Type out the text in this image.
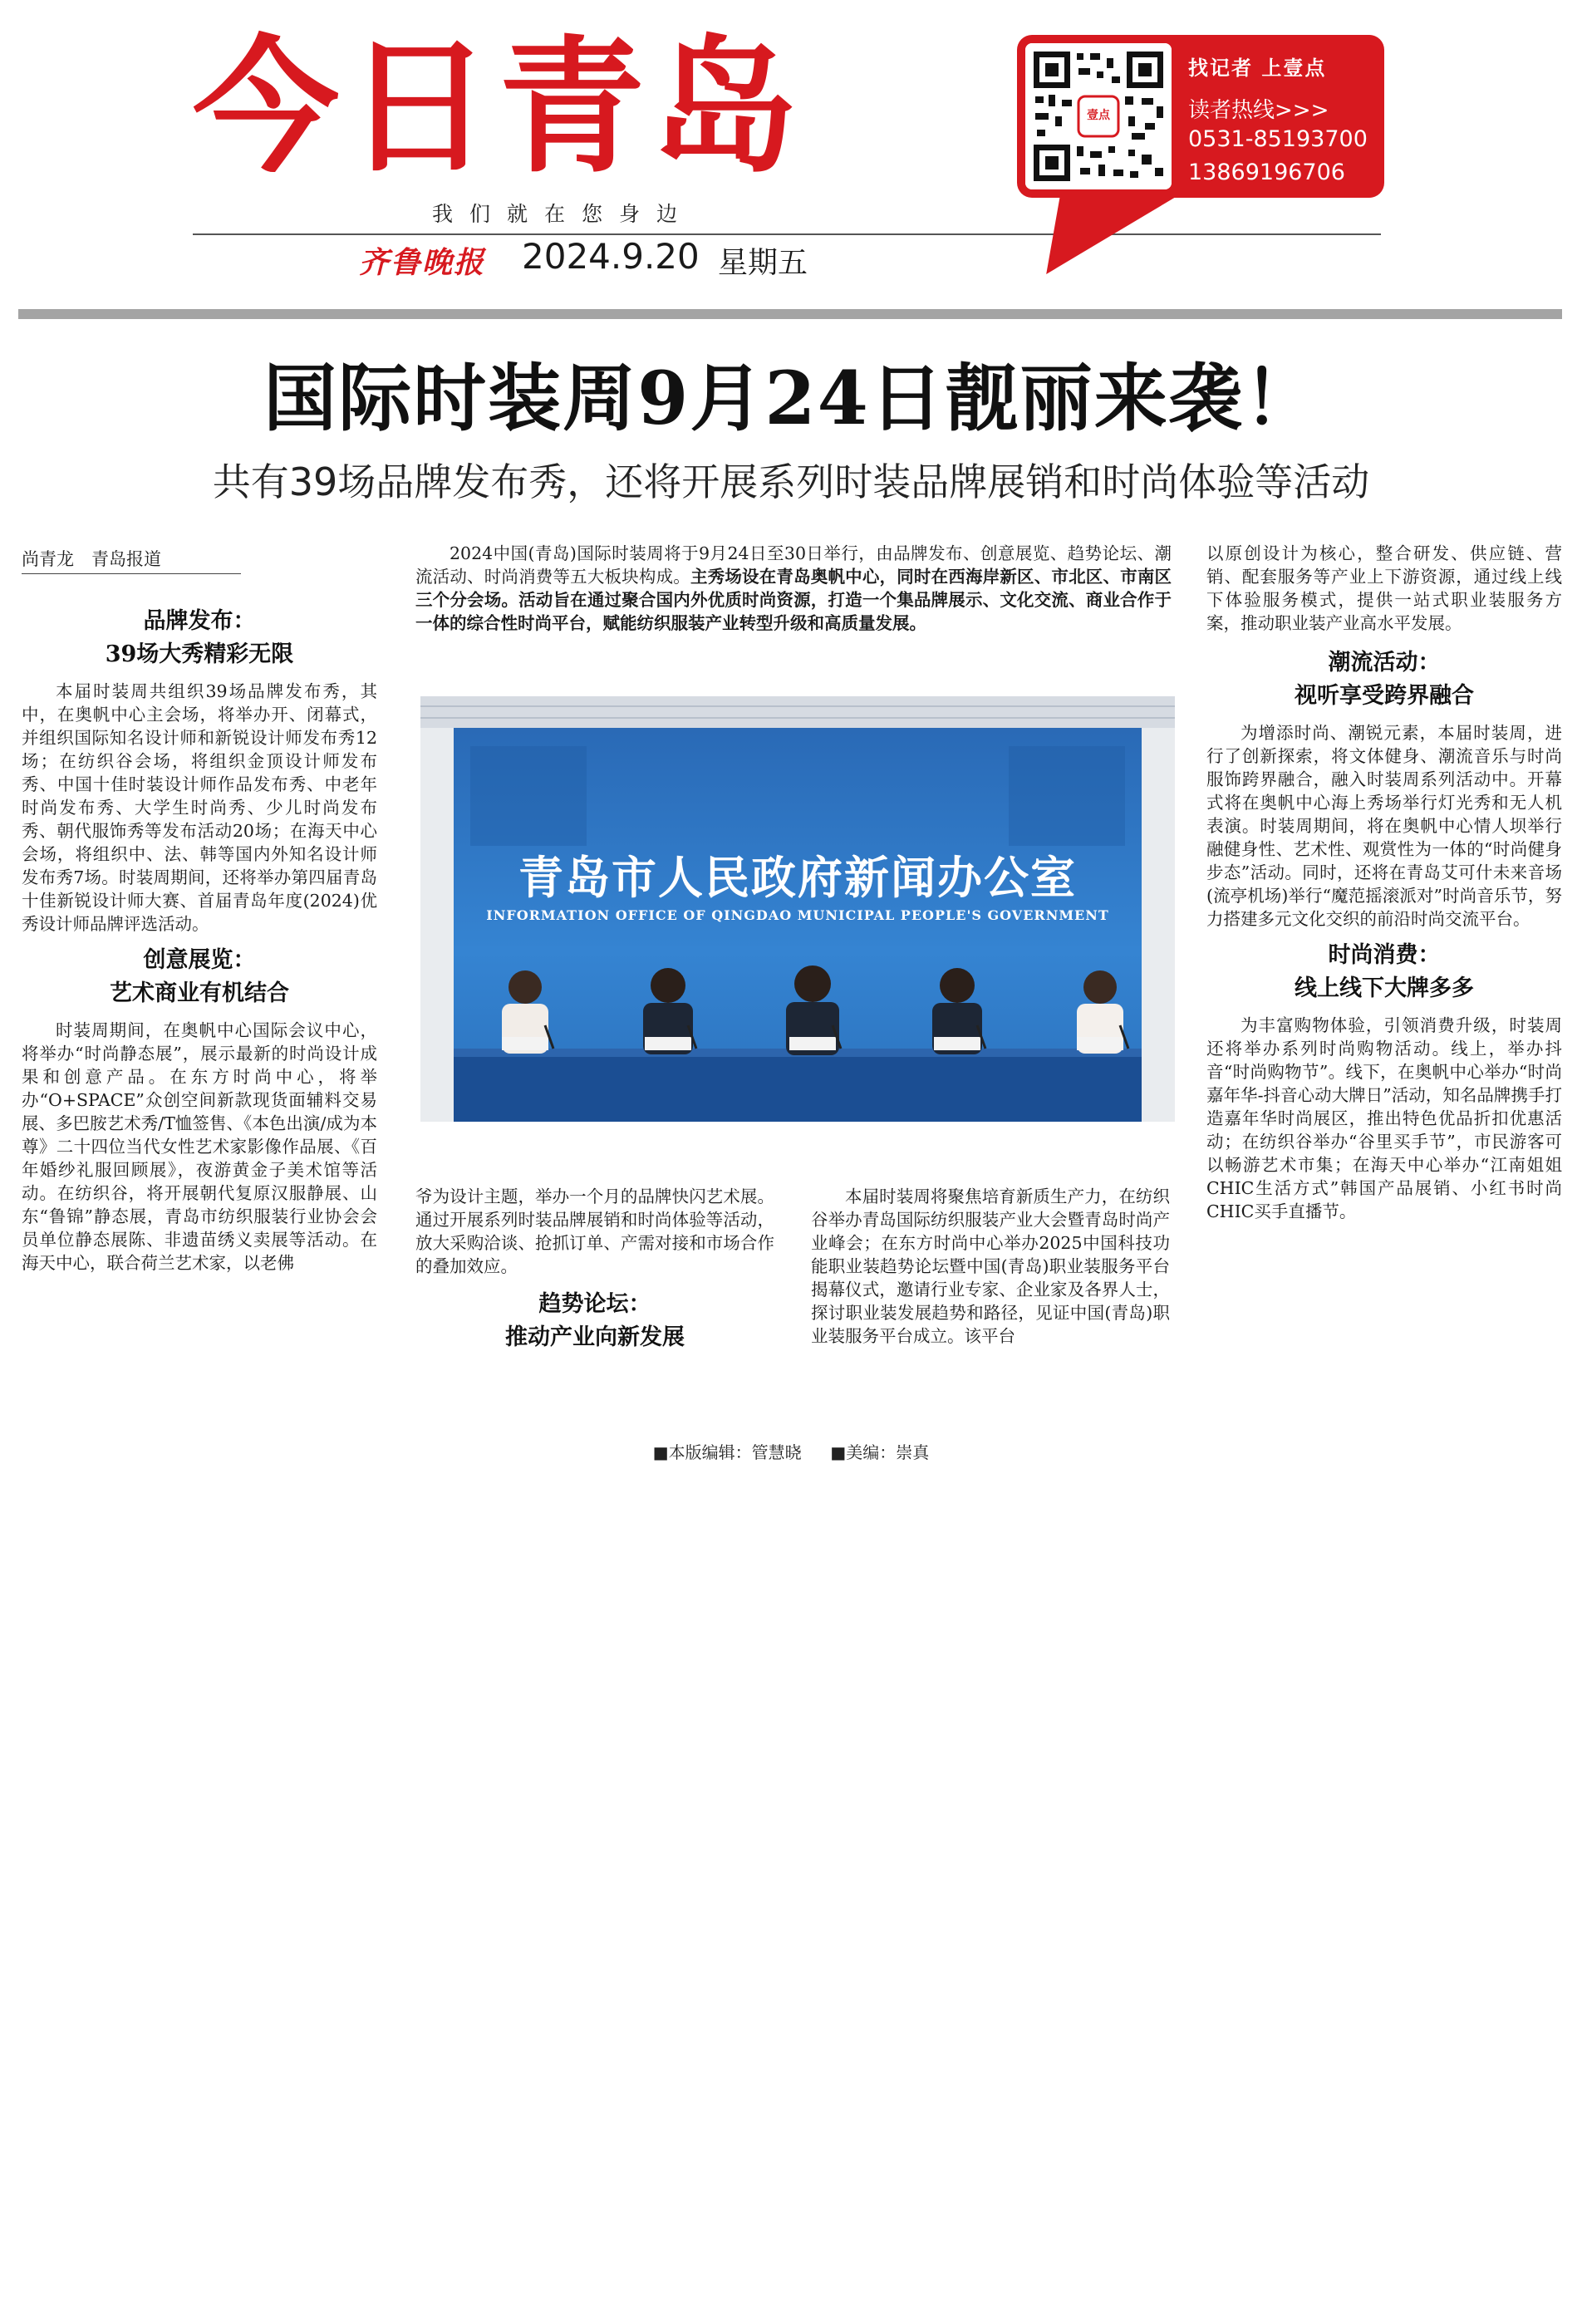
今日青岛
我们就在您身边
齐鲁晚报 2024.9.20 星期五
壹点
找记者 上壹点
读者热线>>>
0531-85193700
13869196706
国际时装周9月24日靓丽来袭！
共有39场品牌发布秀，还将开展系列时装品牌展销和时尚体验等活动
尚青龙　青岛报道

品牌发布：

39场大秀精彩无限

本届时装周共组织39场品牌发布秀，其中，在奥帆中心主会场，将举办开、闭幕式，并组织国际知名设计师和新锐设计师发布秀12场；在纺织谷会场，将组织金顶设计师发布秀、中国十佳时装设计师作品发布秀、中老年时尚发布秀、大学生时尚秀、少儿时尚发布秀、朝代服饰秀等发布活动20场；在海天中心会场，将组织中、法、韩等国内外知名设计师发布秀7场。时装周期间，还将举办第四届青岛十佳新锐设计师大赛、首届青岛年度(2024)优秀设计师品牌评选活动。

创意展览：

艺术商业有机结合

时装周期间，在奥帆中心国际会议中心，将举办“时尚静态展”，展示最新的时尚设计成果和创意产品。在东方时尚中心，将举办“O+SPACE”众创空间新款现货面辅料交易展、多巴胺艺术秀/T恤签售、《本色出演/成为本尊》二十四位当代女性艺术家影像作品展、《百年婚纱礼服回顾展》，夜游黄金子美术馆等活动。在纺织谷，将开展朝代复原汉服静展、山东“鲁锦”静态展，青岛市纺织服装行业协会会员单位静态展陈、非遗苗绣义卖展等活动。在海天中心，联合荷兰艺术家，以老佛

2024中国(青岛)国际时装周将于9月24日至30日举行，由品牌发布、创意展览、趋势论坛、潮流活动、时尚消费等五大板块构成。主秀场设在青岛奥帆中心，同时在西海岸新区、市北区、市南区三个分会场。活动旨在通过聚合国内外优质时尚资源，打造一个集品牌展示、文化交流、商业合作于一体的综合性时尚平台，赋能纺织服装产业转型升级和高质量发展。

青岛市人民政府新闻办公室
INFORMATION OFFICE OF QINGDAO MUNICIPAL PEOPLE'S GOVERNMENT

爷为设计主题，举办一个月的品牌快闪艺术展。通过开展系列时装品牌展销和时尚体验等活动，放大采购洽谈、抢抓订单、产需对接和市场合作的叠加效应。

趋势论坛：

推动产业向新发展

本届时装周将聚焦培育新质生产力，在纺织谷举办青岛国际纺织服装产业大会暨青岛时尚产业峰会；在东方时尚中心举办2025中国科技功能职业装趋势论坛暨中国(青岛)职业装服务平台揭幕仪式，邀请行业专家、企业家及各界人士，探讨职业装发展趋势和路径，见证中国(青岛)职业装服务平台成立。该平台

以原创设计为核心，整合研发、供应链、营销、配套服务等产业上下游资源，通过线上线下体验服务模式，提供一站式职业装服务方案，推动职业装产业高水平发展。

潮流活动：

视听享受跨界融合

为增添时尚、潮锐元素，本届时装周，进行了创新探索，将文体健身、潮流音乐与时尚服饰跨界融合，融入时装周系列活动中。开幕式将在奥帆中心海上秀场举行灯光秀和无人机表演。时装周期间，将在奥帆中心情人坝举行融健身性、艺术性、观赏性为一体的“时尚健身步态”活动。同时，还将在青岛艾可什未来音场(流亭机场)举行“魔范摇滚派对”时尚音乐节，努力搭建多元文化交织的前沿时尚交流平台。

时尚消费：

线上线下大牌多多

为丰富购物体验，引领消费升级，时装周还将举办系列时尚购物活动。线上，举办抖音“时尚购物节”。线下，在奥帆中心举办“时尚嘉年华-抖音心动大牌日”活动，知名品牌携手打造嘉年华时尚展区，推出特色优品折扣优惠活动；在纺织谷举办“谷里买手节”，市民游客可以畅游艺术市集；在海天中心举办“江南姐姐CHIC生活方式”韩国产品展销、小红书时尚CHIC买手直播节。

■本版编辑：管慧晓 ■美编：崇真
